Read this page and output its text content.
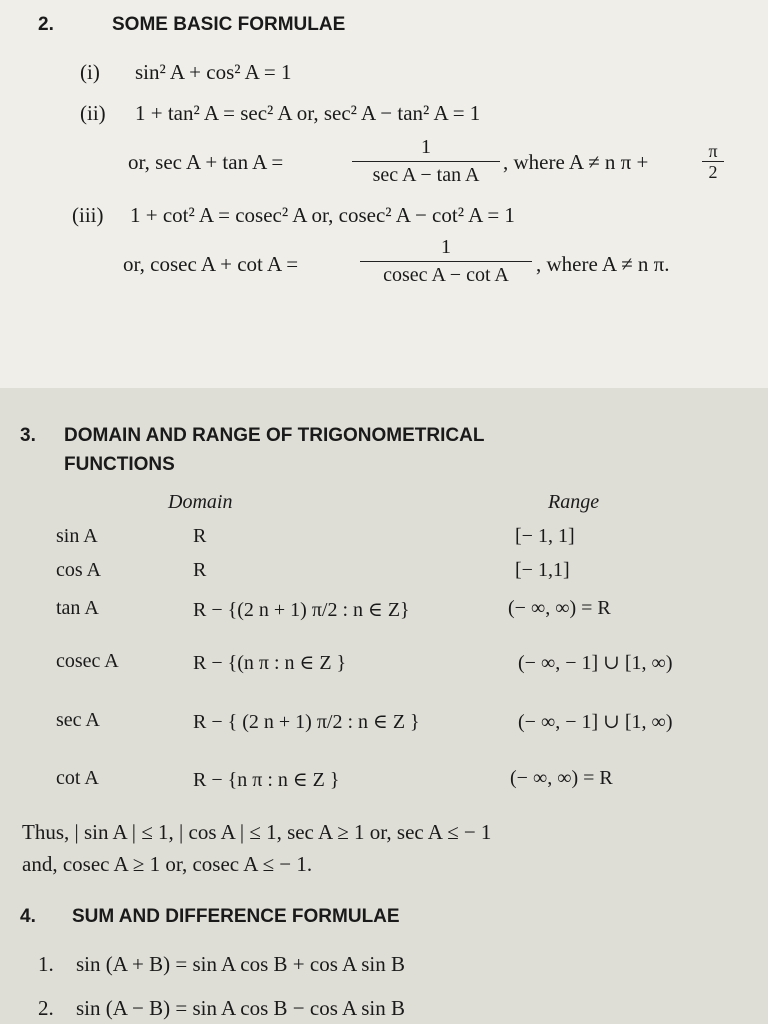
2.	SOME BASIC FORMULAE
(i) sin² A + cos² A = 1
(ii) 1 + tan² A = sec² A or, sec² A − tan² A = 1
or, sec A + tan A =
1
sec A − tan A
, where A ≠ n π +	$\frac{\pi}{2}$
(iii) 1 + cot² A = cosec² A or, cosec² A − cot² A = 1
or, cosec A + cot A =	$\frac{1}{\text{cosec A − cot A}}$ , where A ≠ n π.
3. DOMAIN AND RANGE OF TRIGONOMETRICAL
FUNCTIONS
Domain	Range
sin A	R	[− 1, 1]
cos A	R	[− 1,1]
tan A	R − {(2 n + 1) π/2 : n ∈ Z}	(− ∞, ∞) = R
cosec A	R − {(n π : n ∈ Z }	(− ∞, − 1] ∪ [1, ∞)
sec A	R − { (2 n + 1) π/2 : n ∈ Z }	(− ∞, − 1] ∪ [1, ∞)
cot A	R − {n π : n ∈ Z }	(− ∞, ∞) = R
Thus, | sin A | ≤ 1, | cos A | ≤ 1, sec A ≥ 1 or, sec A ≤ − 1
and, cosec A ≥ 1 or, cosec A ≤ − 1.
4. SUM AND DIFFERENCE FORMULAE
1. sin (A + B) = sin A cos B + cos A sin B
2. sin (A − B) = sin A cos B − cos A sin B
